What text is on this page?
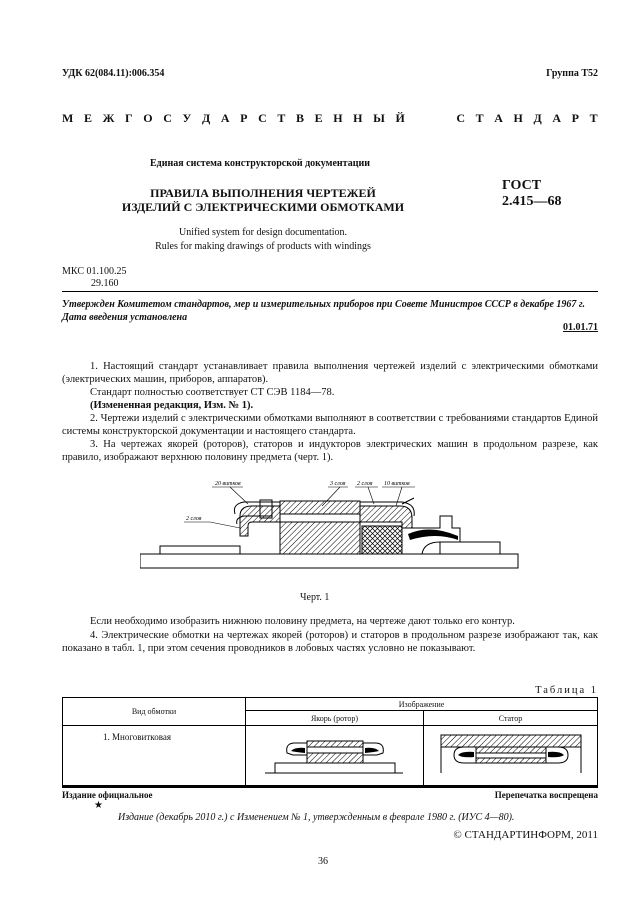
УДК 62(084.11):006.354	Группа Т52
М Е Ж Г О С У Д А Р С Т В Е Н Н Ы Й

	С Т А Н Д А Р Т
Единая система конструкторской документации
ПРАВИЛА ВЫПОЛНЕНИЯ ЧЕРТЕЖЕЙ
ИЗДЕЛИЙ С ЭЛЕКТРИЧЕСКИМИ ОБМОТКАМИ
ГОСТ
2.415—68
Unified system for design documentation.
Rules for making drawings of products with windings
МКС 01.100.25
29.160
Утвержден Комитетом стандартов, мер и измерительных приборов при Совете Министров СССР в декабре 1967 г. Дата введения установлена
01.01.71
1. Настоящий стандарт устанавливает правила выполнения чертежей изделий с электрическими обмотками (электрических машин, приборов, аппаратов).
Стандарт полностью соответствует СТ СЭВ 1184—78.
(Измененная редакция, Изм. № 1).
2. Чертежи изделий с электрическими обмотками выполняют в соответствии с требованиями стандартов Единой системы конструкторской документации и настоящего стандарта.
3. На чертежах якорей (роторов), статоров и индукторов электрических машин в продольном разрезе, как правило, изображают верхнюю половину предмета (черт. 1).
20 витков	3 слоя 2 слоя 10 витков
2 слоя
Черт. 1
Если необходимо изобразить нижнюю половину предмета, на чертеже дают только его контур.
4. Электрические обмотки на чертежах якорей (роторов) и статоров в продольном разрезе изображают так, как показано в табл. 1, при этом сечения проводников в лобовых частях условно не показывают.
Таблица 1
Вид обмотки	Изображение	
	Якорь (ротор)	Статор
1. Многовитковая		
Издание официальное	Перепечатка воспрещена
★
Издание (декабрь 2010 г.) с Изменением № 1, утвержденным в феврале 1980 г. (ИУС 4—80).
© СТАНДАРТИНФОРМ, 2011
36
